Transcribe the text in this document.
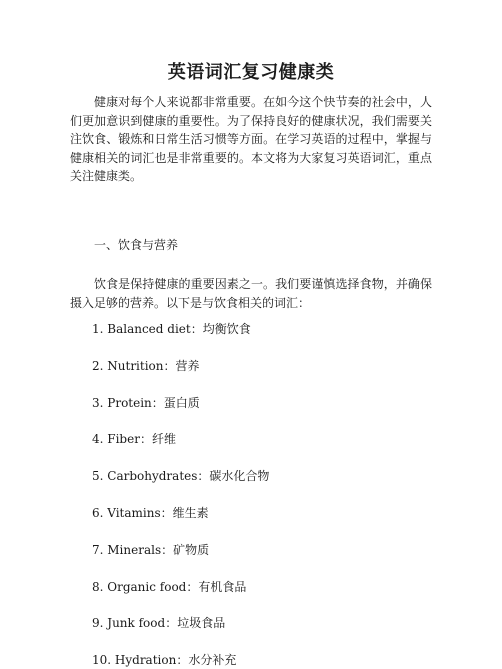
英语词汇复习健康类

健康对每个人来说都非常重要。在如今这个快节奏的社会中，人们更加意识到健康的重要性。为了保持良好的健康状况，我们需要关注饮食、锻炼和日常生活习惯等方面。在学习英语的过程中，掌握与健康相关的词汇也是非常重要的。本文将为大家复习英语词汇，重点关注健康类。

一、饮食与营养

饮食是保持健康的重要因素之一。我们要谨慎选择食物，并确保摄入足够的营养。以下是与饮食相关的词汇：

1. Balanced diet：均衡饮食
2. Nutrition：营养
3. Protein：蛋白质
4. Fiber：纤维
5. Carbohydrates：碳水化合物
6. Vitamins：维生素
7. Minerals：矿物质
8. Organic food：有机食品
9. Junk food：垃圾食品
10. Hydration：水分补充
